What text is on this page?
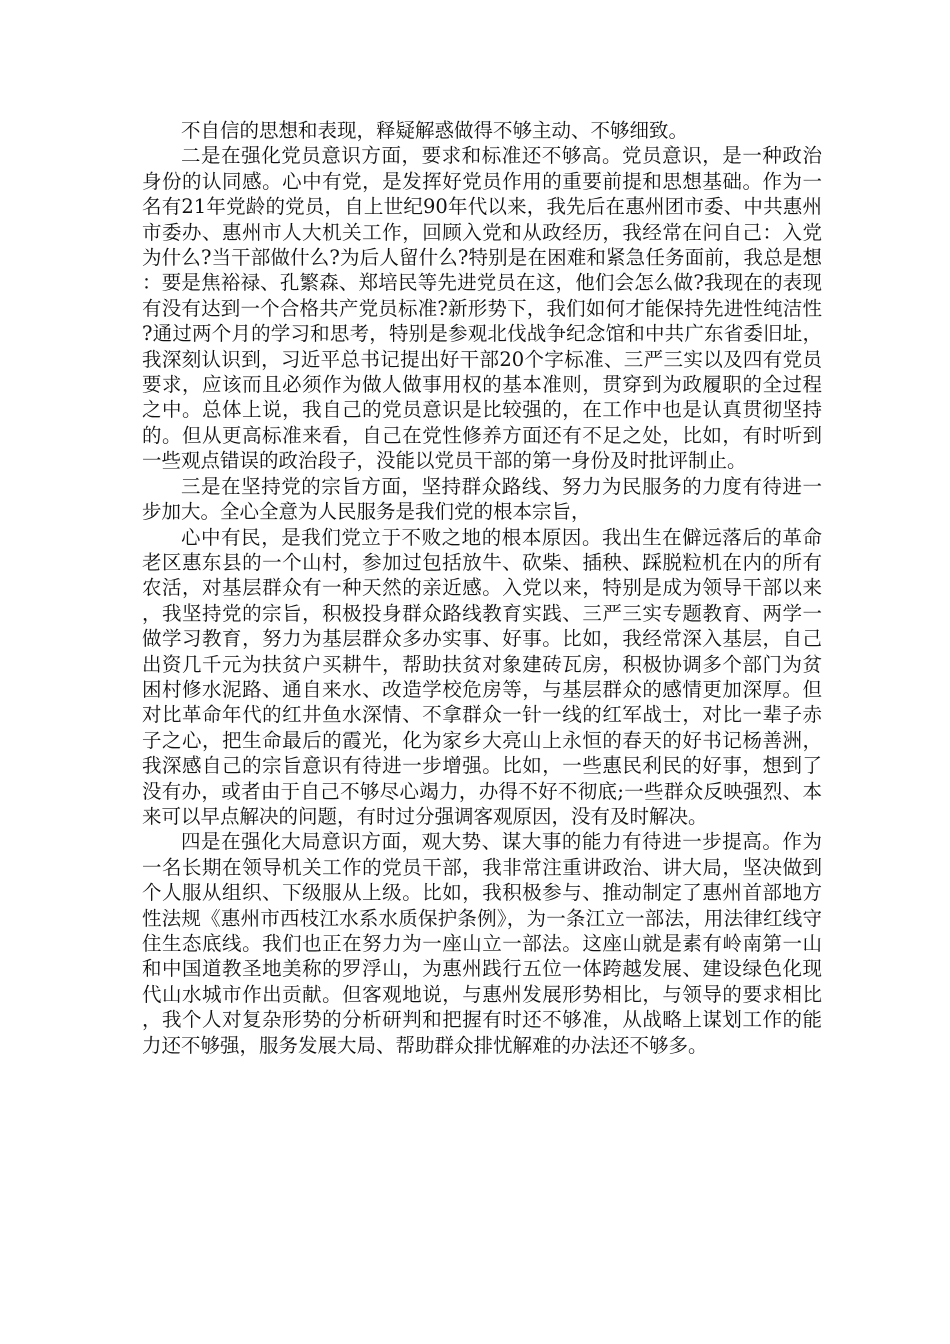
不自信的思想和表现，释疑解惑做得不够主动、不够细致。

二是在强化党员意识方面，要求和标准还不够高。党员意识，是一种政治身份的认同感。心中有党，是发挥好党员作用的重要前提和思想基础。作为一名有21年党龄的党员，自上世纪90年代以来，我先后在惠州团市委、中共惠州市委办、惠州市人大机关工作，回顾入党和从政经历，我经常在问自己：入党为什么?当干部做什么?为后人留什么?特别是在困难和紧急任务面前，我总是想：要是焦裕禄、孔繁森、郑培民等先进党员在这，他们会怎么做?我现在的表现有没有达到一个合格共产党员标准?新形势下，我们如何才能保持先进性纯洁性?通过两个月的学习和思考，特别是参观北伐战争纪念馆和中共广东省委旧址，我深刻认识到，习近平总书记提出好干部20个字标准、三严三实以及四有党员要求，应该而且必须作为做人做事用权的基本准则，贯穿到为政履职的全过程之中。总体上说，我自己的党员意识是比较强的，在工作中也是认真贯彻坚持的。但从更高标准来看，自己在党性修养方面还有不足之处，比如，有时听到一些观点错误的政治段子，没能以党员干部的第一身份及时批评制止。

三是在坚持党的宗旨方面，坚持群众路线、努力为民服务的力度有待进一步加大。全心全意为人民服务是我们党的根本宗旨，

心中有民，是我们党立于不败之地的根本原因。我出生在僻远落后的革命老区惠东县的一个山村，参加过包括放牛、砍柴、插秧、踩脱粒机在内的所有农活，对基层群众有一种天然的亲近感。入党以来，特别是成为领导干部以来，我坚持党的宗旨，积极投身群众路线教育实践、三严三实专题教育、两学一做学习教育，努力为基层群众多办实事、好事。比如，我经常深入基层，自己出资几千元为扶贫户买耕牛，帮助扶贫对象建砖瓦房，积极协调多个部门为贫困村修水泥路、通自来水、改造学校危房等，与基层群众的感情更加深厚。但对比革命年代的红井鱼水深情、不拿群众一针一线的红军战士，对比一辈子赤子之心，把生命最后的霞光，化为家乡大亮山上永恒的春天的好书记杨善洲，我深感自己的宗旨意识有待进一步增强。比如，一些惠民利民的好事，想到了没有办，或者由于自己不够尽心竭力，办得不好不彻底;一些群众反映强烈、本来可以早点解决的问题，有时过分强调客观原因，没有及时解决。

四是在强化大局意识方面，观大势、谋大事的能力有待进一步提高。作为一名长期在领导机关工作的党员干部，我非常注重讲政治、讲大局，坚决做到个人服从组织、下级服从上级。比如，我积极参与、推动制定了惠州首部地方性法规《惠州市西枝江水系水质保护条例》，为一条江立一部法，用法律红线守住生态底线。我们也正在努力为一座山立一部法。这座山就是素有岭南第一山和中国道教圣地美称的罗浮山，为惠州践行五位一体跨越发展、建设绿色化现代山水城市作出贡献。但客观地说，与惠州发展形势相比，与领导的要求相比，我个人对复杂形势的分析研判和把握有时还不够准，从战略上谋划工作的能力还不够强，服务发展大局、帮助群众排忧解难的办法还不够多。
